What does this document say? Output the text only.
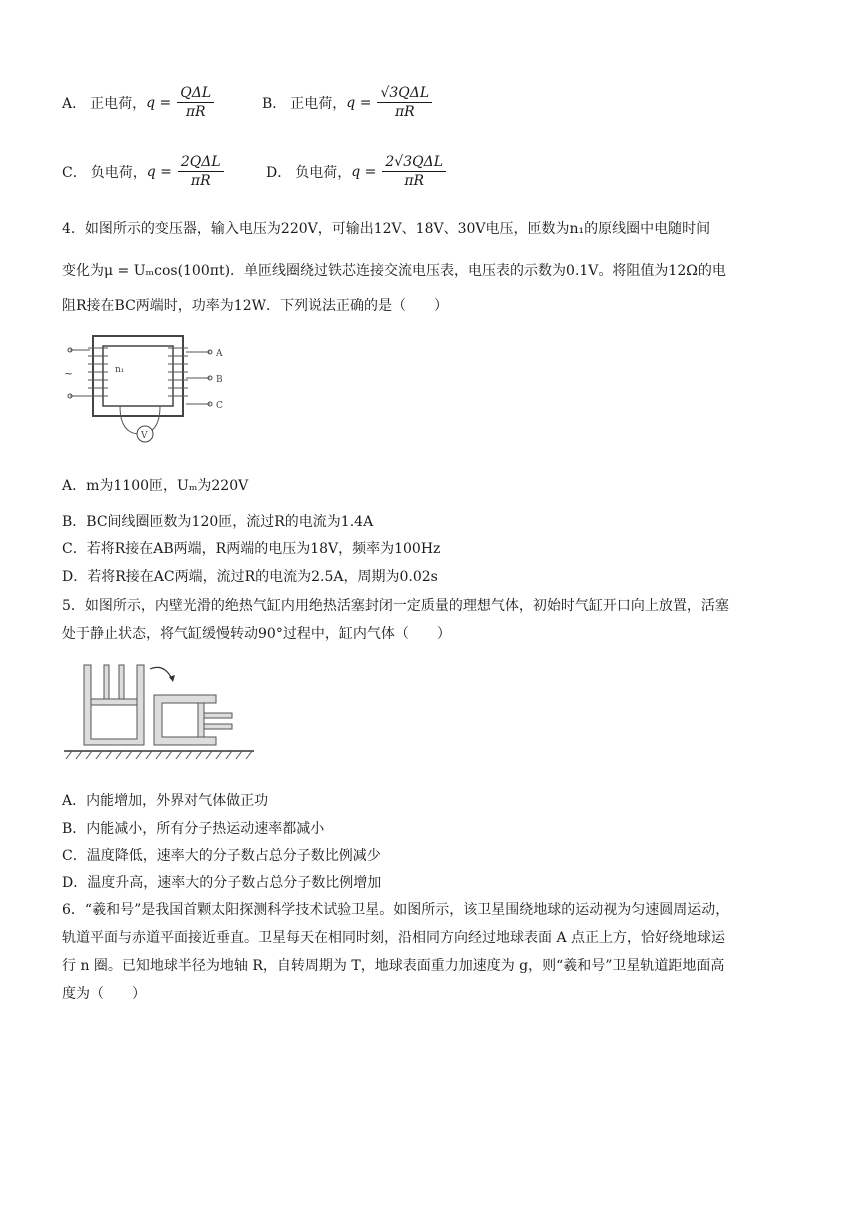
A． 正电荷， $q = \frac{\text{QΔL}}{\pi R}$	B． 正电荷， $q = \frac{\text{√3QΔL}}{\pi R}$
C． 负电荷， $q = \frac{\text{2QΔL}}{\pi R}$	D． 负电荷， $q = \frac{\text{2√3QΔL}}{\pi R}$
4．如图所示的变压器，输入电压为220V，可输出12V、18V、30V电压，匝数为n₁的原线圈中电随时间
变化为μ = Uₘcos(100πt)．单匝线圈绕过铁芯连接交流电压表，电压表的示数为0.1V。将阻值为12Ω的电
阻R接在BC两端时，功率为12W．下列说法正确的是（　　）
~	n₁
A
B
C
V
A．m为1100匝，Uₘ为220V
B．BC间线圈匝数为120匝，流过R的电流为1.4A
C．若将R接在AB两端，R两端的电压为18V，频率为100Hz
D．若将R接在AC两端，流过R的电流为2.5A，周期为0.02s
5．如图所示，内壁光滑的绝热气缸内用绝热活塞封闭一定质量的理想气体，初始时气缸开口向上放置，活塞
处于静止状态，将气缸缓慢转动90°过程中，缸内气体（　　）
A．内能增加，外界对气体做正功
B．内能减小，所有分子热运动速率都减小
C．温度降低，速率大的分子数占总分子数比例减少
D．温度升高，速率大的分子数占总分子数比例增加
6．“羲和号”是我国首颗太阳探测科学技术试验卫星。如图所示，该卫星围绕地球的运动视为匀速圆周运动，
轨道平面与赤道平面接近垂直。卫星每天在相同时刻，沿相同方向经过地球表面 A 点正上方，恰好绕地球运
行 n 圈。已知地球半径为地轴 R，自转周期为 T，地球表面重力加速度为 g，则“羲和号”卫星轨道距地面高
度为（　　）
